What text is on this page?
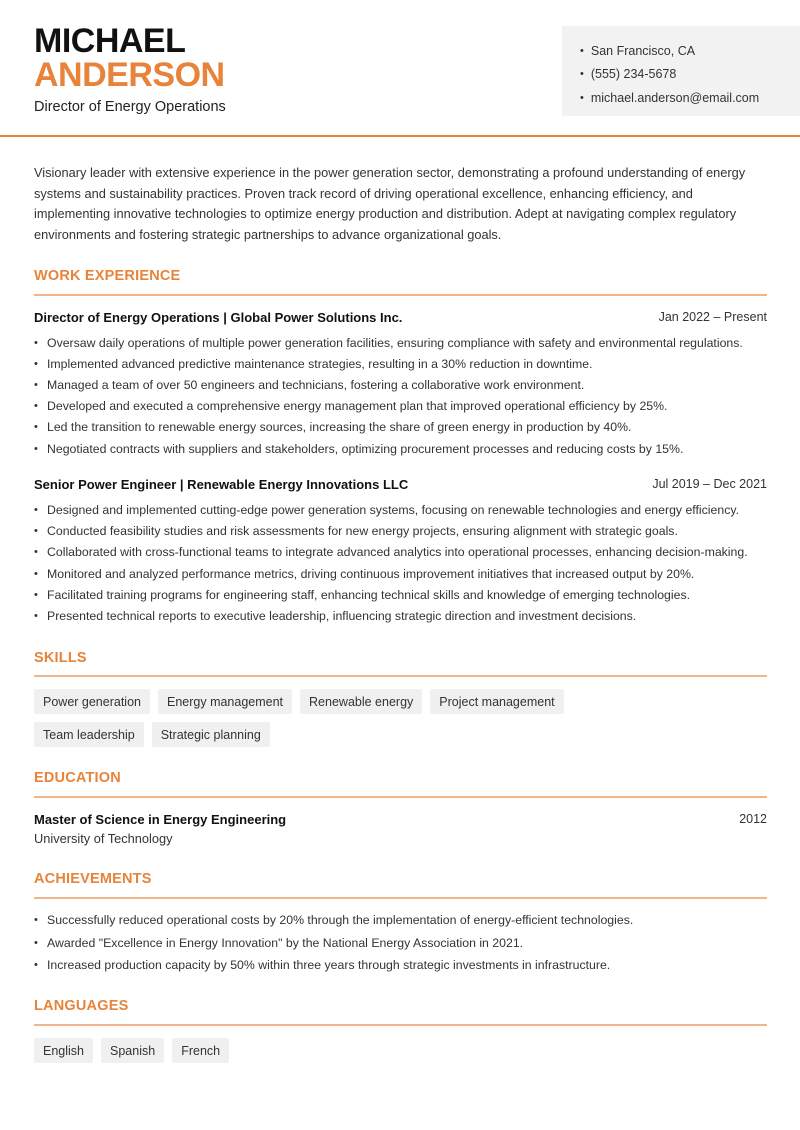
MICHAEL
ANDERSON
Director of Energy Operations
• San Francisco, CA
• (555) 234-5678
• michael.anderson@email.com

Visionary leader with extensive experience in the power generation sector, demonstrating a profound understanding of energy systems and sustainability practices. Proven track record of driving operational excellence, enhancing efficiency, and implementing innovative technologies to optimize energy production and distribution. Adept at navigating complex regulatory environments and fostering strategic partnerships to advance organizational goals.

WORK EXPERIENCE
Director of Energy Operations | Global Power Solutions Inc.	Jan 2022 – Present
• Oversaw daily operations of multiple power generation facilities, ensuring compliance with safety and environmental regulations.
• Implemented advanced predictive maintenance strategies, resulting in a 30% reduction in downtime.
• Managed a team of over 50 engineers and technicians, fostering a collaborative work environment.
• Developed and executed a comprehensive energy management plan that improved operational efficiency by 25%.
• Led the transition to renewable energy sources, increasing the share of green energy in production by 40%.
• Negotiated contracts with suppliers and stakeholders, optimizing procurement processes and reducing costs by 15%.
Senior Power Engineer | Renewable Energy Innovations LLC	Jul 2019 – Dec 2021
• Designed and implemented cutting-edge power generation systems, focusing on renewable technologies and energy efficiency.
• Conducted feasibility studies and risk assessments for new energy projects, ensuring alignment with strategic goals.
• Collaborated with cross-functional teams to integrate advanced analytics into operational processes, enhancing decision-making.
• Monitored and analyzed performance metrics, driving continuous improvement initiatives that increased output by 20%.
• Facilitated training programs for engineering staff, enhancing technical skills and knowledge of emerging technologies.
• Presented technical reports to executive leadership, influencing strategic direction and investment decisions.
SKILLS
Power generation	Energy management	Renewable energy	Project management
Team leadership	Strategic planning
EDUCATION
Master of Science in Energy Engineering	2012
University of Technology
ACHIEVEMENTS
• Successfully reduced operational costs by 20% through the implementation of energy-efficient technologies.
• Awarded "Excellence in Energy Innovation" by the National Energy Association in 2021.
• Increased production capacity by 50% within three years through strategic investments in infrastructure.
LANGUAGES
English	Spanish	French
